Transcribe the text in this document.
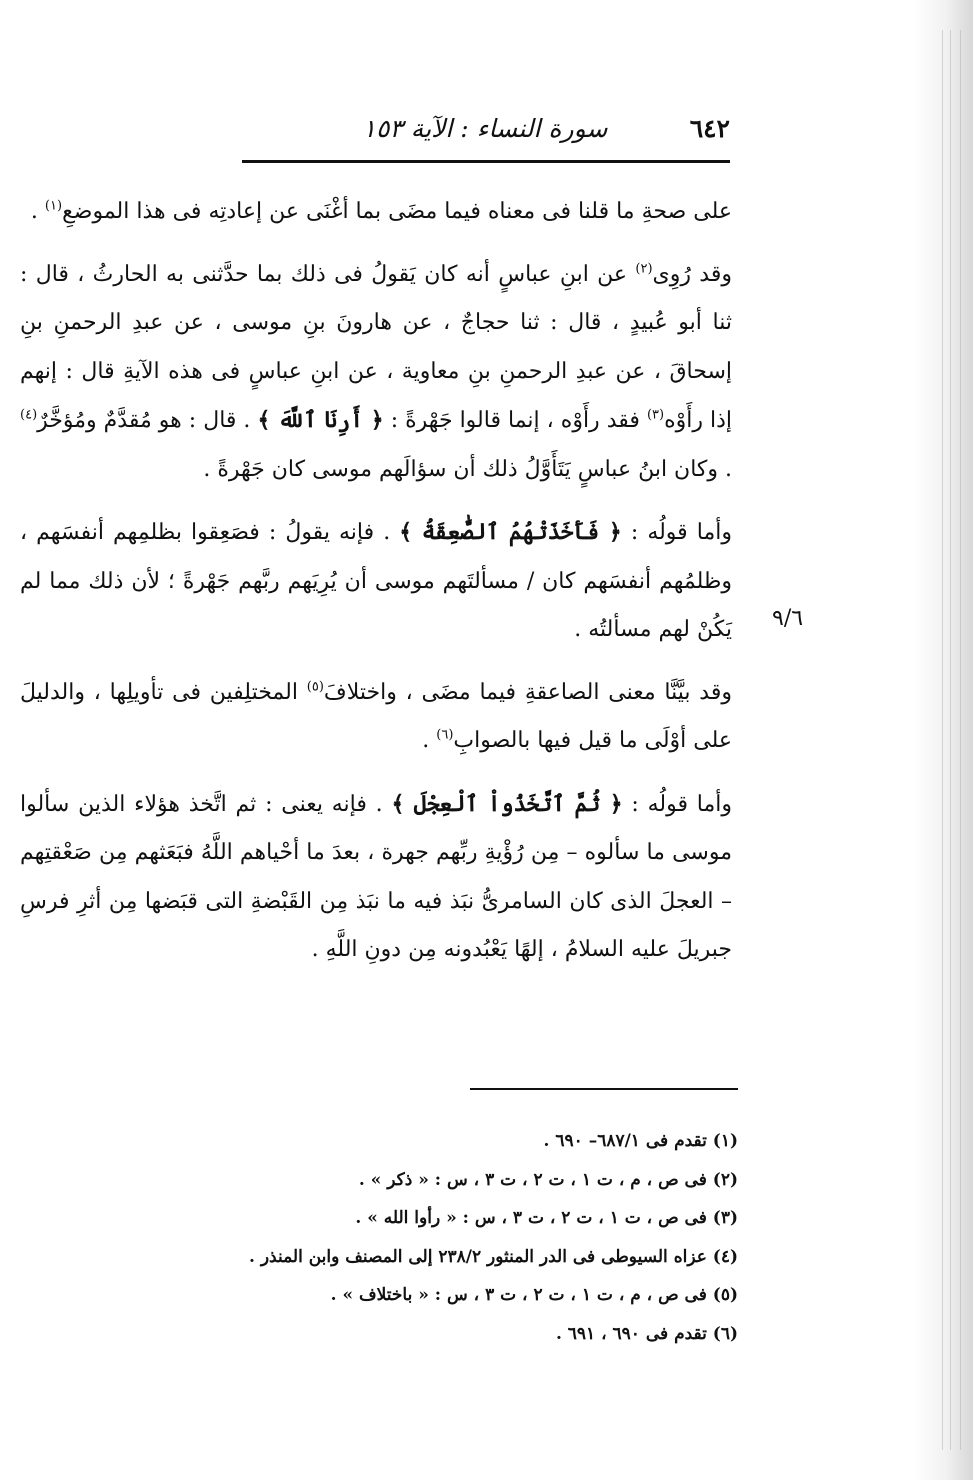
٦٤٢
سورة النساء : الآية ١٥٣
٩/٦

على صحةِ ما قلنا فى معناه فيما مضَى بما أغْنَى عن إعادتِه فى هذا الموضعِ$^{(١)}$ .

وقد رُوِى$^{(٢)}$ عن ابنِ عباسٍ أنه كان يَقولُ فى ذلك بما حدَّثنى به الحارثُ ، قال : ثنا أبو عُبيدٍ ، قال : ثنا حجاجٌ ، عن هارونَ بنِ موسى ، عن عبدِ الرحمنِ بنِ إسحاقَ ، عن عبدِ الرحمنِ بنِ معاوية ، عن ابنِ عباسٍ فى هذه الآيةِ قال : إنهم إذا رأَوْه$^{(٣)}$ فقد رأَوْه ، إنما قالوا جَهْرةً : ﴿ أَرِنَا ٱللَّهَ ﴾ . قال : هو مُقدَّمٌ ومُؤخَّرٌ$^{(٤)}$ . وكان ابنُ عباسٍ يَتَأَوَّلُ ذلك أن سؤالَهم موسى كان جَهْرةً .

وأما قولُه : ﴿ فَأَخَذَتْهُمُ ٱلصَّٰعِقَةُ ﴾ . فإنه يقولُ : فصَعِقوا بظلمِهم أنفسَهم ، وظلمُهم أنفسَهم كان / مسألتَهم موسى أن يُرِيَهم ربَّهم جَهْرةً ؛ لأن ذلك مما لم يَكُنْ لهم مسألتُه .

وقد بيَّنَّا معنى الصاعقةِ فيما مضَى ، واختلافَ$^{(٥)}$ المختلِفين فى تأويلِها ، والدليلَ على أوْلَى ما قيل فيها بالصوابِ$^{(٦)}$ .

وأما قولُه : ﴿ ثُمَّ ٱتَّخَذُواْ ٱلْعِجْلَ ﴾ . فإنه يعنى : ثم اتَّخذ هؤلاء الذين سألوا موسى ما سألوه – مِن رُؤْيةِ ربِّهم جهرة ، بعدَ ما أحْياهم اللَّهُ فبَعَثهم مِن صَعْقتِهم – العجلَ الذى كان السامرىُّ نبَذ فيه ما نبَذ مِن القَبْضةِ التى قبَضها مِن أثرِ فرسِ جبريلَ عليه السلامُ ، إلهًا يَعْبُدونه مِن دونِ اللَّهِ .

(١) تقدم فى ٦٨٧/١– ٦٩٠ .
(٢) فى ص ، م ، ت ١ ، ت ٢ ، ت ٣ ، س : « ذكر » .
(٣) فى ص ، ت ١ ، ت ٢ ، ت ٣ ، س : « رأوا الله » .
(٤) عزاه السيوطى فى الدر المنثور ٢٣٨/٢ إلى المصنف وابن المنذر .
(٥) فى ص ، م ، ت ١ ، ت ٢ ، ت ٣ ، س : « باختلاف » .
(٦) تقدم فى ٦٩٠ ، ٦٩١ .
